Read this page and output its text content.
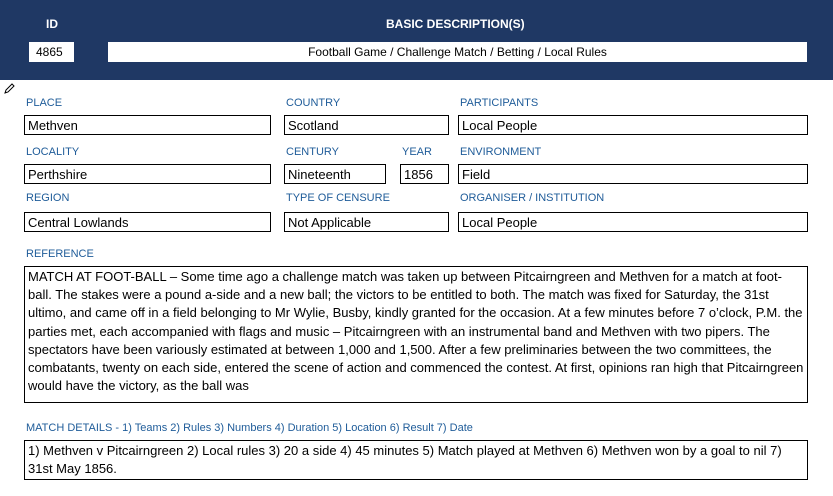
ID	BASIC DESCRIPTION(S)
4865	Football Game / Challenge Match / Betting / Local Rules
PLACE
Methven
COUNTRY
Scotland
PARTICIPANTS
Local People
LOCALITY
Perthshire
CENTURY
Nineteenth
YEAR
1856
ENVIRONMENT
Field
REGION
Central Lowlands
TYPE OF CENSURE
Not Applicable
ORGANISER / INSTITUTION
Local People
REFERENCE
MATCH AT FOOT-BALL – Some time ago a challenge match was taken up between Pitcairngreen and Methven for a match at foot-ball. The stakes were a pound a-side and a new ball; the victors to be entitled to both. The match was fixed for Saturday, the 31st ultimo, and came off in a field belonging to Mr Wylie, Busby, kindly granted for the occasion. At a few minutes before 7 o’clock, P.M. the parties met, each accompanied with flags and music – Pitcairngreen with an instrumental band and Methven with two pipers. The spectators have been variously estimated at between 1,000 and 1,500. After a few preliminaries between the two committees, the combatants, twenty on each side, entered the scene of action and commenced the contest. At first, opinions ran high that Pitcairngreen would have the victory, as the ball was
MATCH DETAILS - 1) Teams 2) Rules 3) Numbers 4) Duration 5) Location 6) Result 7) Date
1) Methven v Pitcairngreen 2) Local rules 3) 20 a side 4) 45 minutes 5) Match played at Methven 6) Methven won by a goal to nil 7) 31st May 1856.
